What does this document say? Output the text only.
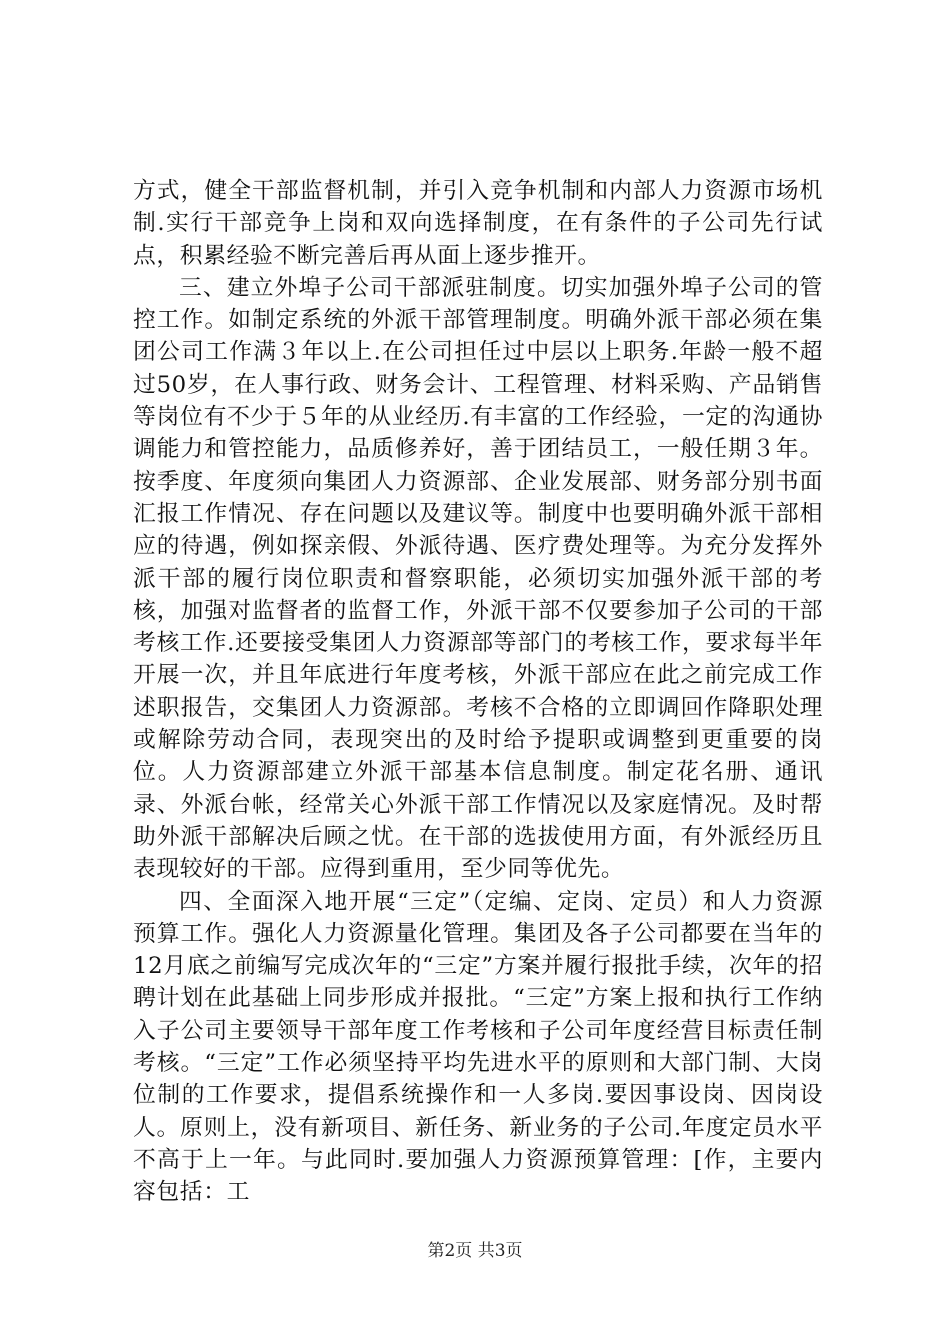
方式，健全干部监督机制，并引入竞争机制和内部人力资源市场机制.实行干部竞争上岗和双向选择制度，在有条件的子公司先行试点，积累经验不断完善后再从面上逐步推开。

三、建立外埠子公司干部派驻制度。切实加强外埠子公司的管控工作。如制定系统的外派干部管理制度。明确外派干部必须在集团公司工作满３年以上.在公司担任过中层以上职务.年龄一般不超过50岁，在人事行政、财务会计、工程管理、材料采购、产品销售等岗位有不少于５年的从业经历.有丰富的工作经验，一定的沟通协调能力和管控能力，品质修养好，善于团结员工，一般任期３年。按季度、年度须向集团人力资源部、企业发展部、财务部分别书面汇报工作情况、存在问题以及建议等。制度中也要明确外派干部相应的待遇，例如探亲假、外派待遇、医疗费处理等。为充分发挥外派干部的履行岗位职责和督察职能，必须切实加强外派干部的考核，加强对监督者的监督工作，外派干部不仅要参加子公司的干部考核工作.还要接受集团人力资源部等部门的考核工作，要求每半年开展一次，并且年底进行年度考核，外派干部应在此之前完成工作述职报告，交集团人力资源部。考核不合格的立即调回作降职处理或解除劳动合同，表现突出的及时给予提职或调整到更重要的岗位。人力资源部建立外派干部基本信息制度。制定花名册、通讯录、外派台帐，经常关心外派干部工作情况以及家庭情况。及时帮助外派干部解决后顾之忧。在干部的选拔使用方面，有外派经历且表现较好的干部。应得到重用，至少同等优先。

四、全面深入地开展“三定”（定编、定岗、定员）和人力资源预算工作。强化人力资源量化管理。集团及各子公司都要在当年的12月底之前编写完成次年的“三定”方案并履行报批手续，次年的招聘计划在此基础上同步形成并报批。“三定”方案上报和执行工作纳入子公司主要领导干部年度工作考核和子公司年度经营目标责任制考核。“三定”工作必须坚持平均先进水平的原则和大部门制、大岗位制的工作要求，提倡系统操作和一人多岗.要因事设岗、因岗设人。原则上，没有新项目、新任务、新业务的子公司.年度定员水平不高于上一年。与此同时.要加强人力资源预算管理：[作，主要内容包括：工

第2页 共3页
